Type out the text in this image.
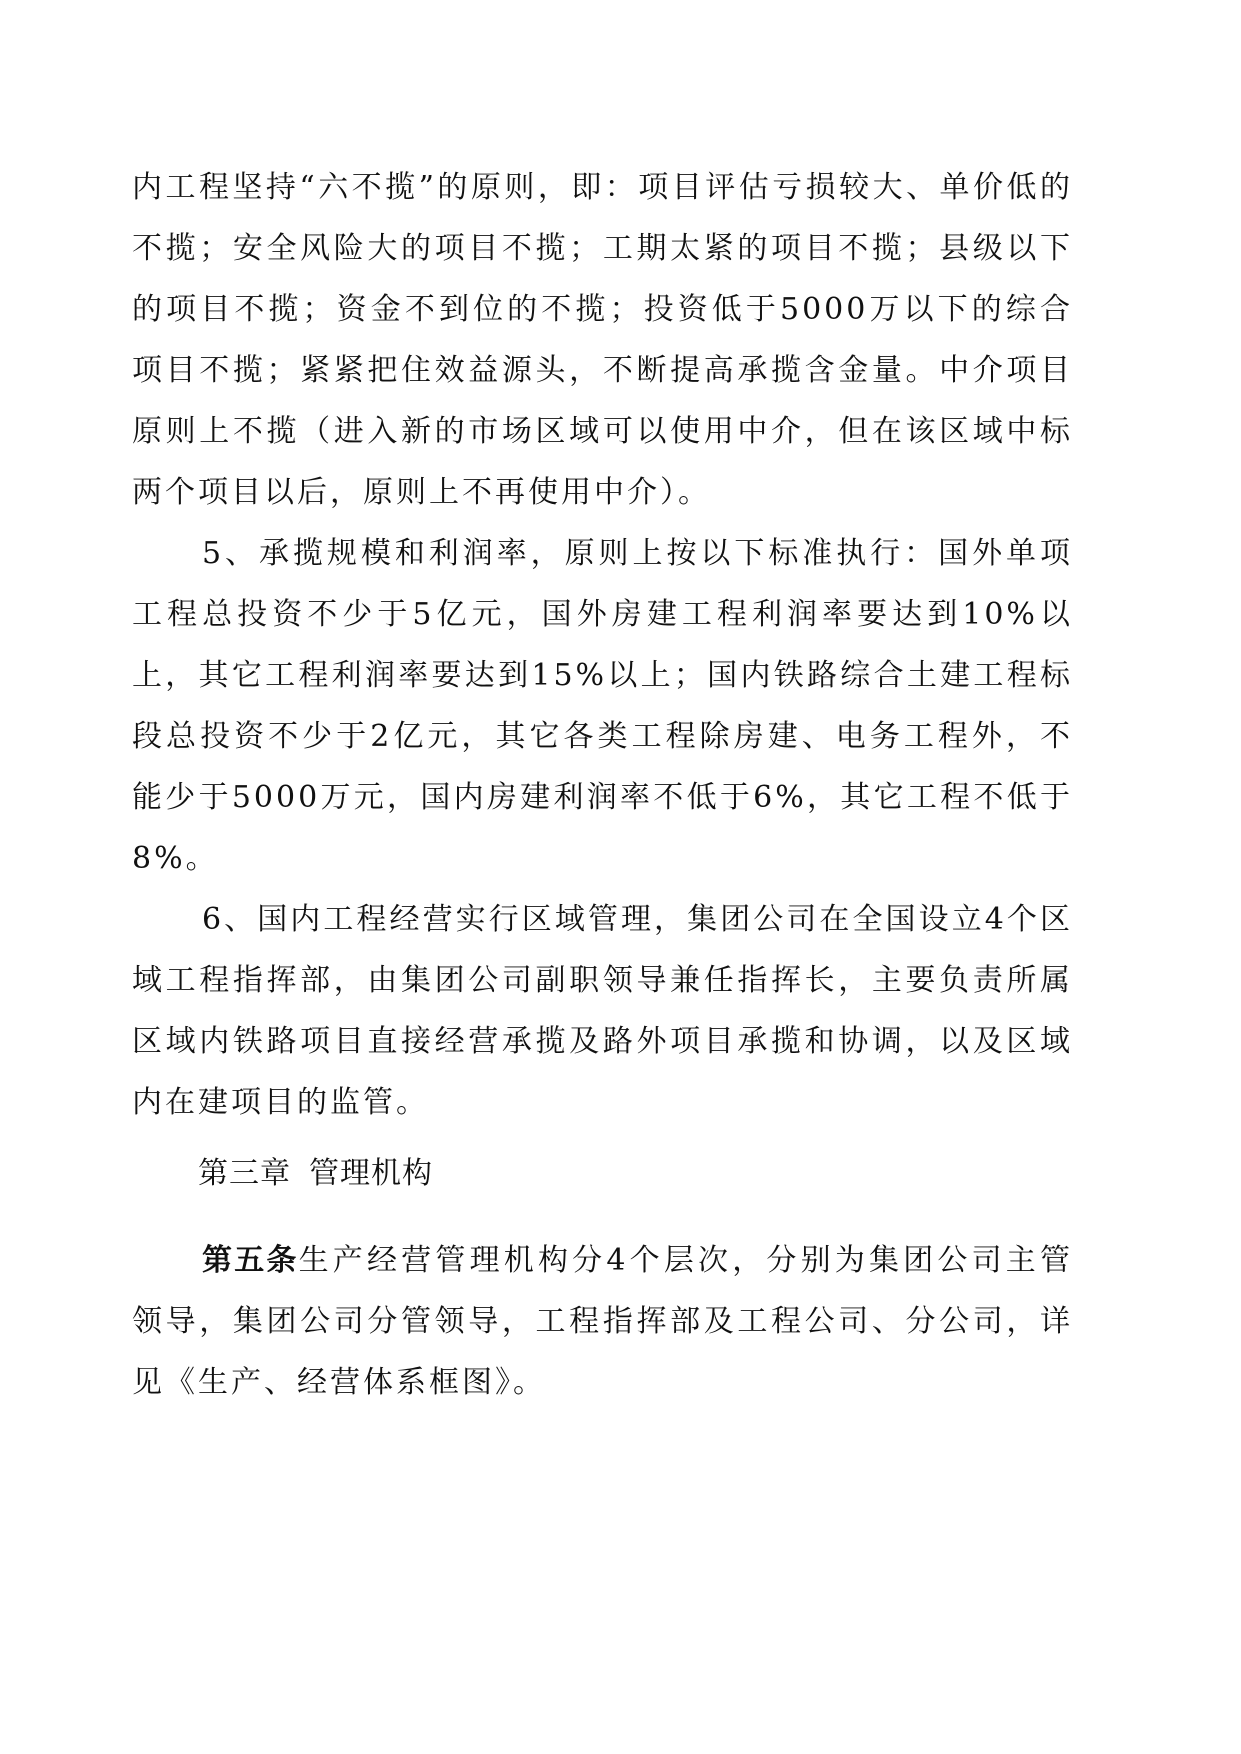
内工程坚持“六不揽”的原则，即：项目评估亏损较大、单价低的不揽；安全风险大的项目不揽；工期太紧的项目不揽；县级以下的项目不揽；资金不到位的不揽；投资低于5000万以下的综合项目不揽；紧紧把住效益源头，不断提高承揽含金量。中介项目原则上不揽（进入新的市场区域可以使用中介，但在该区域中标两个项目以后，原则上不再使用中介）。

5、承揽规模和利润率，原则上按以下标准执行：国外单项工程总投资不少于5亿元，国外房建工程利润率要达到10%以上，其它工程利润率要达到15%以上；国内铁路综合土建工程标段总投资不少于2亿元，其它各类工程除房建、电务工程外，不能少于5000万元，国内房建利润率不低于6%，其它工程不低于8%。

6、国内工程经营实行区域管理，集团公司在全国设立4个区域工程指挥部，由集团公司副职领导兼任指挥长，主要负责所属区域内铁路项目直接经营承揽及路外项目承揽和协调，以及区域内在建项目的监管。

第三章 管理机构

第五条生产经营管理机构分4个层次，分别为集团公司主管领导，集团公司分管领导，工程指挥部及工程公司、分公司，详见《生产、经营体系框图》。
